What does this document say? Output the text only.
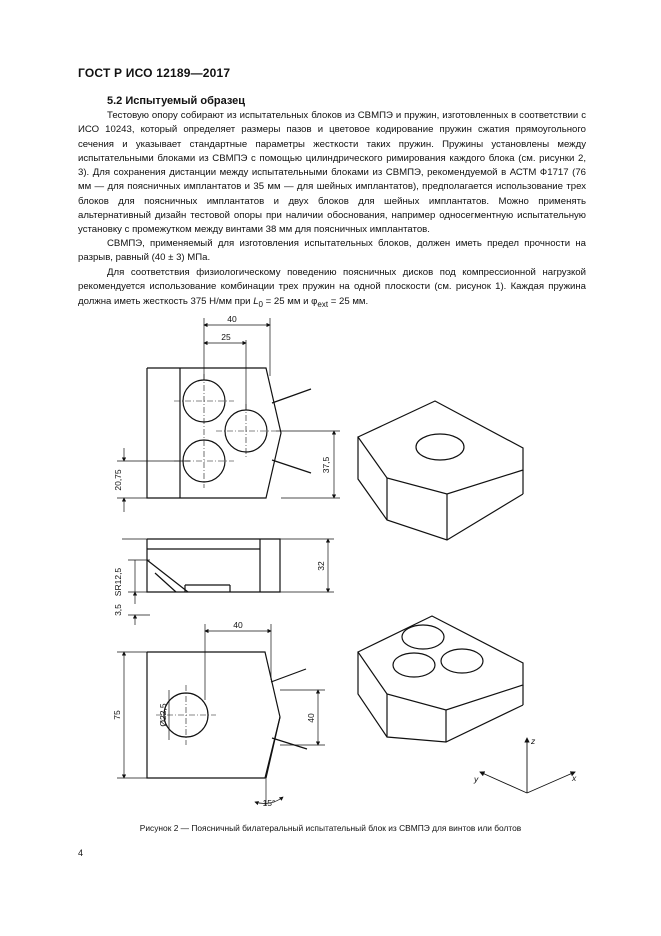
ГОСТ Р ИСО 12189—2017
5.2 Испытуемый образец

Тестовую опору собирают из испытательных блоков из СВМПЭ и пружин, изготовленных в соответствии с ИСО 10243, который определяет размеры пазов и цветовое кодирование пружин сжатия прямоугольного сечения и указывает стандартные параметры жесткости таких пружин. Пружины установлены между испытательными блоками из СВМПЭ с помощью цилиндрического римирования каждого блока (см. рисунки 2, 3). Для сохранения дистанции между испытательными блоками из СВМПЭ, рекомендуемой в АСТМ Ф1717 (76 мм — для поясничных имплантатов и 35 мм — для шейных имплантатов), предполагается использование трех блоков для поясничных имплантатов и двух блоков для шейных имплантатов. Можно применять альтернативный дизайн тестовой опоры при наличии обоснования, например односегментную испытательную установку с промежутком между винтами 38 мм для поясничных имплантатов.

СВМПЭ, применяемый для изготовления испытательных блоков, должен иметь предел прочности на разрыв, равный (40 ± 3) МПа.

Для соответствия физиологическому поведению поясничных дисков под компрессионной нагрузкой рекомендуется использование комбинации трех пружин на одной плоскости (см. рисунок 1). Каждая пружина должна иметь жесткость 375 Н/мм при $L_0 = 25$ мм и $\varphi_{ext} = 25$ мм.

40
25
20,75
37,5
SR12,5
3,5
32
40
75	Ø22,5	40
15°
z
y	x
Рисунок 2 — Поясничный билатеральный испытательный блок из СВМПЭ для винтов или болтов
4
